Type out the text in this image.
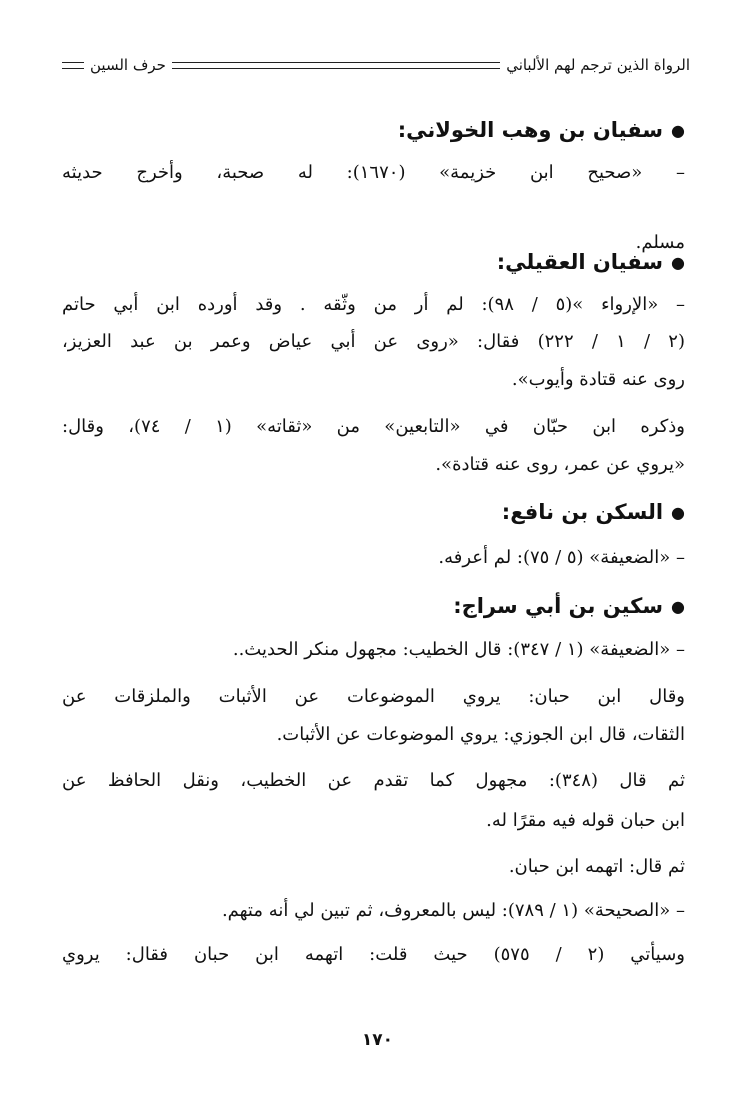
الرواة الذين ترجم لهم الألباني
حرف السين
●
سفيان بن وهب الخولاني:
– «صحيح ابن خزيمة» (١٦٧٠): له صحبة، وأخرج حديثه
مسلم.
●
سفيان العقيلي:
– «الإرواء »(٥ / ٩٨): لم أر من وثّقه . وقد أورده ابن أبي حاتم
(٢ / ١ / ٢٢٢) فقال: «روى عن أبي عياض وعمر بن عبد العزيز،
روى عنه قتادة وأيوب».
وذكره ابن حبّان في «التابعين» من «ثقاته» (١ / ٧٤)، وقال:
«يروي عن عمر، روى عنه قتادة».
●
السكن بن نافع:
– «الضعيفة» (٥ / ٧٥): لم أعرفه.
●
سكين بن أبي سراج:
– «الضعيفة» (١ / ٣٤٧): قال الخطيب: مجهول منكر الحديث..
وقال ابن حبان: يروي الموضوعات عن الأثبات والملزقات عن
الثقات، قال ابن الجوزي: يروي الموضوعات عن الأثبات.
ثم قال (٣٤٨): مجهول كما تقدم عن الخطيب، ونقل الحافظ عن
ابن حبان قوله فيه مقرًا له.
ثم قال: اتهمه ابن حبان.
– «الصحيحة» (١ / ٧٨٩): ليس بالمعروف، ثم تبين لي أنه متهم.
وسيأتي (٢ / ٥٧٥) حيث قلت: اتهمه ابن حبان فقال: يروي
١٧٠
